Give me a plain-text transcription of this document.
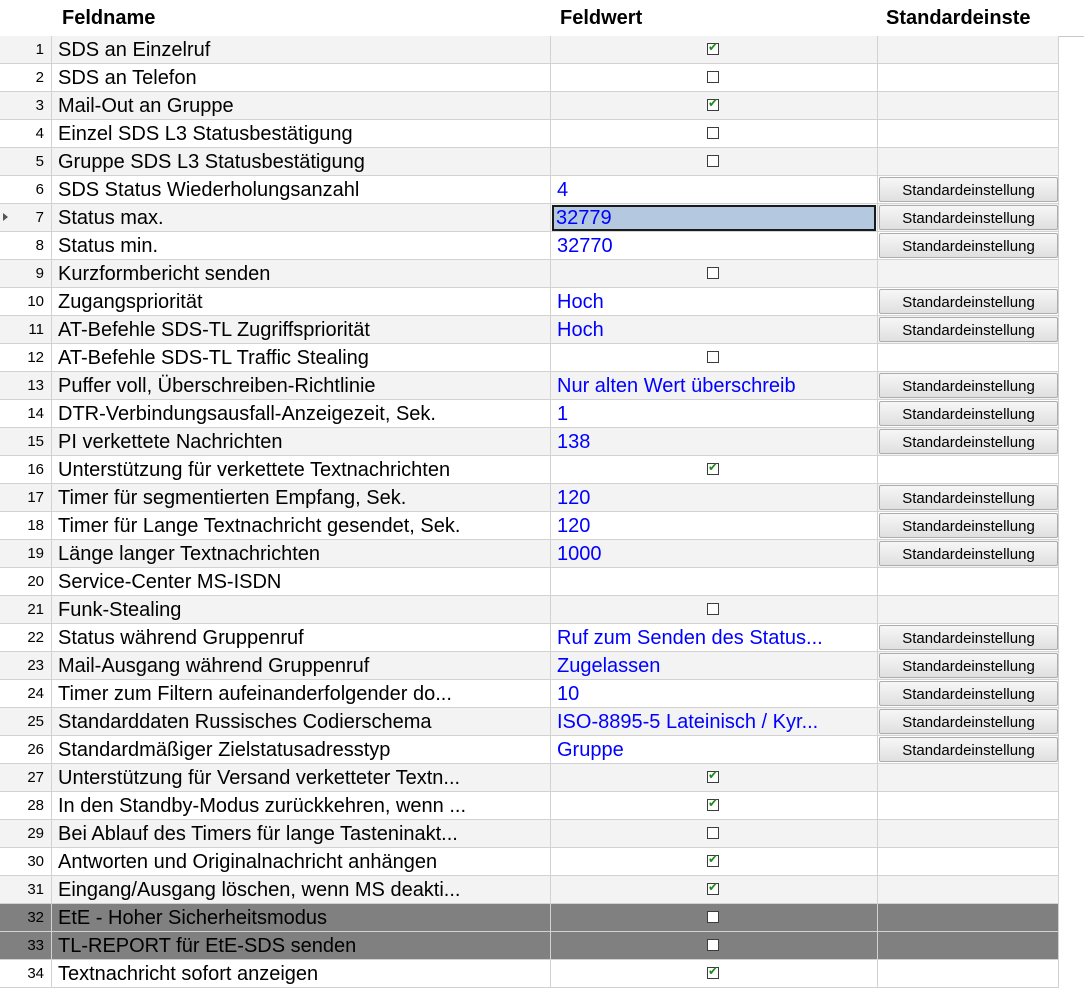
Feldname	Feldwert	Standardeinste
1 SDS an Einzelruf	✔
2 SDS an Telefon
3 Mail-Out an Gruppe	✔
4 Einzel SDS L3 Statusbestätigung
5 Gruppe SDS L3 Statusbestätigung
6 SDS Status Wiederholungsanzahl	4	Standardeinstellung
7 Status max.	32779	Standardeinstellung
8 Status min.	32770	Standardeinstellung
9 Kurzformbericht senden
10 Zugangspriorität	Hoch	Standardeinstellung
11 AT-Befehle SDS-TL Zugriffspriorität	Hoch	Standardeinstellung
12 AT-Befehle SDS-TL Traffic Stealing
13 Puffer voll, Überschreiben-Richtlinie	Nur alten Wert überschreib	Standardeinstellung
14 DTR-Verbindungsausfall-Anzeigezeit, Sek.	1	Standardeinstellung
15 PI verkettete Nachrichten	138	Standardeinstellung
16 Unterstützung für verkettete Textnachrichten	✔
17 Timer für segmentierten Empfang, Sek.	120	Standardeinstellung
18 Timer für Lange Textnachricht gesendet, Sek.	120	Standardeinstellung
19 Länge langer Textnachrichten	1000	Standardeinstellung
20 Service-Center MS-ISDN
21 Funk-Stealing
22 Status während Gruppenruf	Ruf zum Senden des Status...	Standardeinstellung
23 Mail-Ausgang während Gruppenruf	Zugelassen	Standardeinstellung
24 Timer zum Filtern aufeinanderfolgender do...	10	Standardeinstellung
25 Standarddaten Russisches Codierschema	ISO-8895-5 Lateinisch / Kyr...	Standardeinstellung
26 Standardmäßiger Zielstatusadresstyp	Gruppe	Standardeinstellung
27 Unterstützung für Versand verketteter Textn...	✔
28 In den Standby-Modus zurückkehren, wenn ...	✔
29 Bei Ablauf des Timers für lange Tasteninakt...
30 Antworten und Originalnachricht anhängen	✔
31 Eingang/Ausgang löschen, wenn MS deakti...	✔
32 EtE - Hoher Sicherheitsmodus
33 TL-REPORT für EtE-SDS senden
34 Textnachricht sofort anzeigen	✔
